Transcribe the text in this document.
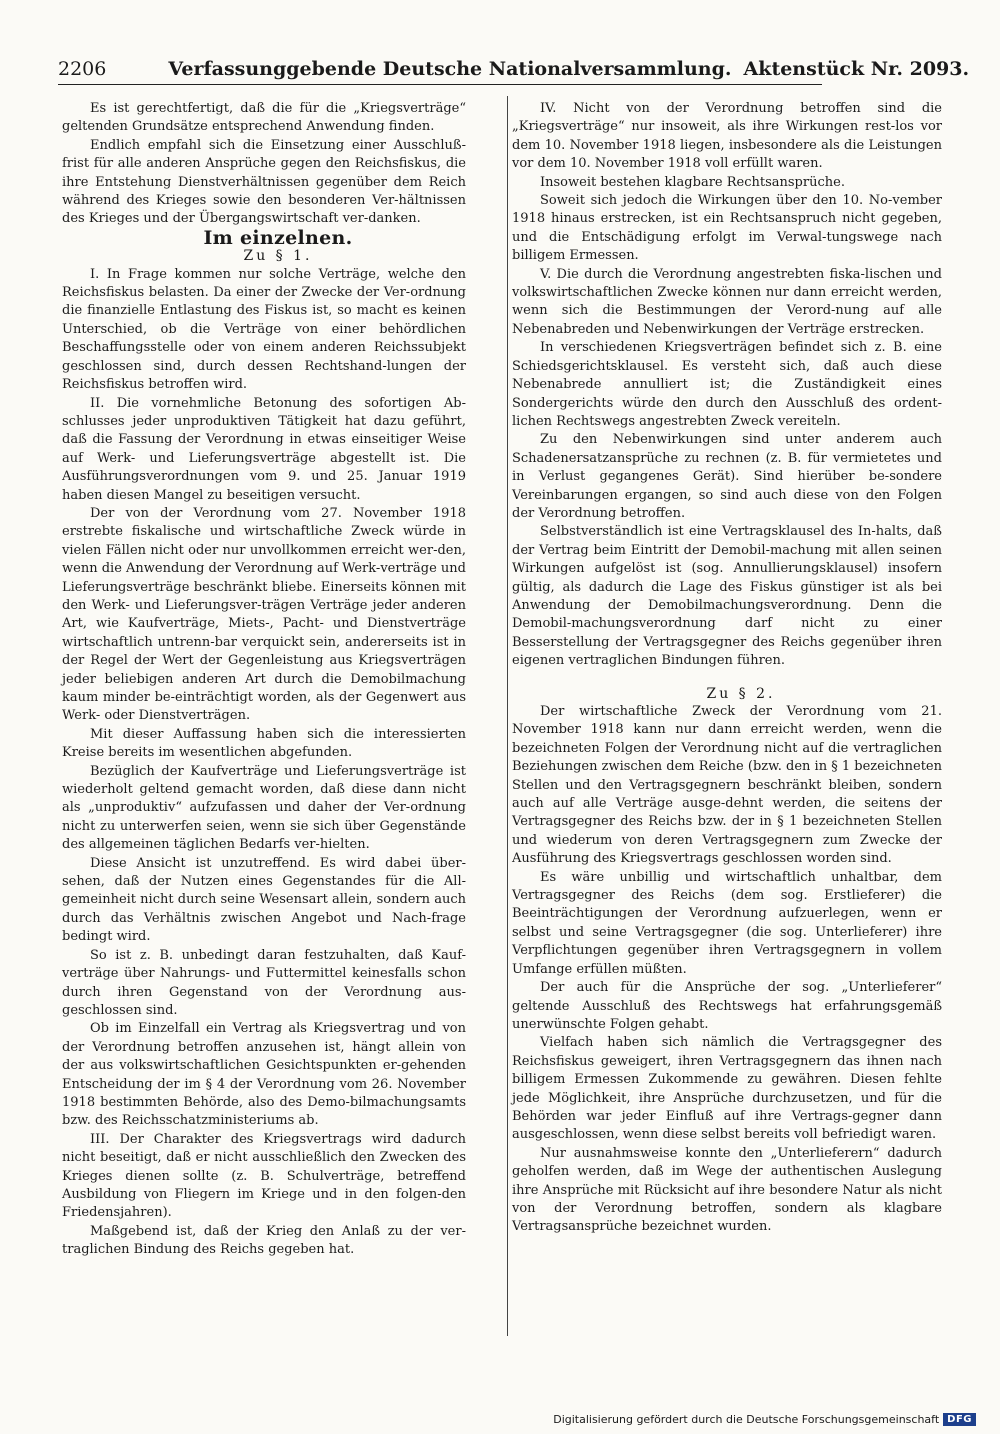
2206	Verfassunggebende Deutsche Nationalversammlung. Aktenstück Nr. 2093.

Es ist gerechtfertigt, daß die für die „Kriegsverträge“ geltenden Grundsätze entsprechend Anwendung finden.

Endlich empfahl sich die Einsetzung einer Ausschluß-frist für alle anderen Ansprüche gegen den Reichsfiskus, die ihre Entstehung Dienstverhältnissen gegenüber dem Reich während des Krieges sowie den besonderen Ver-hältnissen des Krieges und der Übergangswirtschaft ver-danken.

Im einzelnen.

Zu § 1.

I. In Frage kommen nur solche Verträge, welche den Reichsfiskus belasten. Da einer der Zwecke der Ver-ordnung die finanzielle Entlastung des Fiskus ist, so macht es keinen Unterschied, ob die Verträge von einer behördlichen Beschaffungsstelle oder von einem anderen Reichssubjekt geschlossen sind, durch dessen Rechtshand-lungen der Reichsfiskus betroffen wird.

II. Die vornehmliche Betonung des sofortigen Ab-schlusses jeder unproduktiven Tätigkeit hat dazu geführt, daß die Fassung der Verordnung in etwas einseitiger Weise auf Werk- und Lieferungsverträge abgestellt ist. Die Ausführungsverordnungen vom 9. und 25. Januar 1919 haben diesen Mangel zu beseitigen versucht.

Der von der Verordnung vom 27. November 1918 erstrebte fiskalische und wirtschaftliche Zweck würde in vielen Fällen nicht oder nur unvollkommen erreicht wer-den, wenn die Anwendung der Verordnung auf Werk-verträge und Lieferungsverträge beschränkt bliebe. Einerseits können mit den Werk- und Lieferungsver-trägen Verträge jeder anderen Art, wie Kaufverträge, Miets-, Pacht- und Dienstverträge wirtschaftlich untrenn-bar verquickt sein, andererseits ist in der Regel der Wert der Gegenleistung aus Kriegsverträgen jeder beliebigen anderen Art durch die Demobilmachung kaum minder be-einträchtigt worden, als der Gegenwert aus Werk- oder Dienstverträgen.

Mit dieser Auffassung haben sich die interessierten Kreise bereits im wesentlichen abgefunden.

Bezüglich der Kaufverträge und Lieferungsverträge ist wiederholt geltend gemacht worden, daß diese dann nicht als „unproduktiv“ aufzufassen und daher der Ver-ordnung nicht zu unterwerfen seien, wenn sie sich über Gegenstände des allgemeinen täglichen Bedarfs ver-hielten.

Diese Ansicht ist unzutreffend. Es wird dabei über-sehen, daß der Nutzen eines Gegenstandes für die All-gemeinheit nicht durch seine Wesensart allein, sondern auch durch das Verhältnis zwischen Angebot und Nach-frage bedingt wird.

So ist z. B. unbedingt daran festzuhalten, daß Kauf-verträge über Nahrungs- und Futtermittel keinesfalls schon durch ihren Gegenstand von der Verordnung aus-geschlossen sind.

Ob im Einzelfall ein Vertrag als Kriegsvertrag und von der Verordnung betroffen anzusehen ist, hängt allein von der aus volkswirtschaftlichen Gesichtspunkten er-gehenden Entscheidung der im § 4 der Verordnung vom 26. November 1918 bestimmten Behörde, also des Demo-bilmachungsamts bzw. des Reichsschatzministeriums ab.

III. Der Charakter des Kriegsvertrags wird dadurch nicht beseitigt, daß er nicht ausschließlich den Zwecken des Krieges dienen sollte (z. B. Schulverträge, betreffend Ausbildung von Fliegern im Kriege und in den folgen-den Friedensjahren).

Maßgebend ist, daß der Krieg den Anlaß zu der ver-traglichen Bindung des Reichs gegeben hat.

IV. Nicht von der Verordnung betroffen sind die „Kriegsverträge“ nur insoweit, als ihre Wirkungen rest-los vor dem 10. November 1918 liegen, insbesondere als die Leistungen vor dem 10. November 1918 voll erfüllt waren.

Insoweit bestehen klagbare Rechtsansprüche.

Soweit sich jedoch die Wirkungen über den 10. No-vember 1918 hinaus erstrecken, ist ein Rechtsanspruch nicht gegeben, und die Entschädigung erfolgt im Verwal-tungswege nach billigem Ermessen.

V. Die durch die Verordnung angestrebten fiska-lischen und volkswirtschaftlichen Zwecke können nur dann erreicht werden, wenn sich die Bestimmungen der Verord-nung auf alle Nebenabreden und Nebenwirkungen der Verträge erstrecken.

In verschiedenen Kriegsverträgen befindet sich z. B. eine Schiedsgerichtsklausel. Es versteht sich, daß auch diese Nebenabrede annulliert ist; die Zuständigkeit eines Sondergerichts würde den durch den Ausschluß des ordent-lichen Rechtswegs angestrebten Zweck vereiteln.

Zu den Nebenwirkungen sind unter anderem auch Schadenersatzansprüche zu rechnen (z. B. für vermietetes und in Verlust gegangenes Gerät). Sind hierüber be-sondere Vereinbarungen ergangen, so sind auch diese von den Folgen der Verordnung betroffen.

Selbstverständlich ist eine Vertragsklausel des In-halts, daß der Vertrag beim Eintritt der Demobil-machung mit allen seinen Wirkungen aufgelöst ist (sog. Annullierungsklausel) insofern gültig, als dadurch die Lage des Fiskus günstiger ist als bei Anwendung der Demobilmachungsverordnung. Denn die Demobil-machungsverordnung darf nicht zu einer Besserstellung der Vertragsgegner des Reichs gegenüber ihren eigenen vertraglichen Bindungen führen.

Zu § 2.

Der wirtschaftliche Zweck der Verordnung vom 21. November 1918 kann nur dann erreicht werden, wenn die bezeichneten Folgen der Verordnung nicht auf die vertraglichen Beziehungen zwischen dem Reiche (bzw. den in § 1 bezeichneten Stellen und den Vertragsgegnern beschränkt bleiben, sondern auch auf alle Verträge ausge-dehnt werden, die seitens der Vertragsgegner des Reichs bzw. der in § 1 bezeichneten Stellen und wiederum von deren Vertragsgegnern zum Zwecke der Ausführung des Kriegsvertrags geschlossen worden sind.

Es wäre unbillig und wirtschaftlich unhaltbar, dem Vertragsgegner des Reichs (dem sog. Erstlieferer) die Beeinträchtigungen der Verordnung aufzuerlegen, wenn er selbst und seine Vertragsgegner (die sog. Unterlieferer) ihre Verpflichtungen gegenüber ihren Vertragsgegnern in vollem Umfange erfüllen müßten.

Der auch für die Ansprüche der sog. „Unterlieferer“ geltende Ausschluß des Rechtswegs hat erfahrungsgemäß unerwünschte Folgen gehabt.

Vielfach haben sich nämlich die Vertragsgegner des Reichsfiskus geweigert, ihren Vertragsgegnern das ihnen nach billigem Ermessen Zukommende zu gewähren. Diesen fehlte jede Möglichkeit, ihre Ansprüche durchzusetzen, und für die Behörden war jeder Einfluß auf ihre Vertrags-gegner dann ausgeschlossen, wenn diese selbst bereits voll befriedigt waren.

Nur ausnahmsweise konnte den „Unterlieferern“ dadurch geholfen werden, daß im Wege der authentischen Auslegung ihre Ansprüche mit Rücksicht auf ihre besondere Natur als nicht von der Verordnung betroffen, sondern als klagbare Vertragsansprüche bezeichnet wurden.

Digitalisierung gefördert durch die Deutsche Forschungsgemeinschaft DFG
